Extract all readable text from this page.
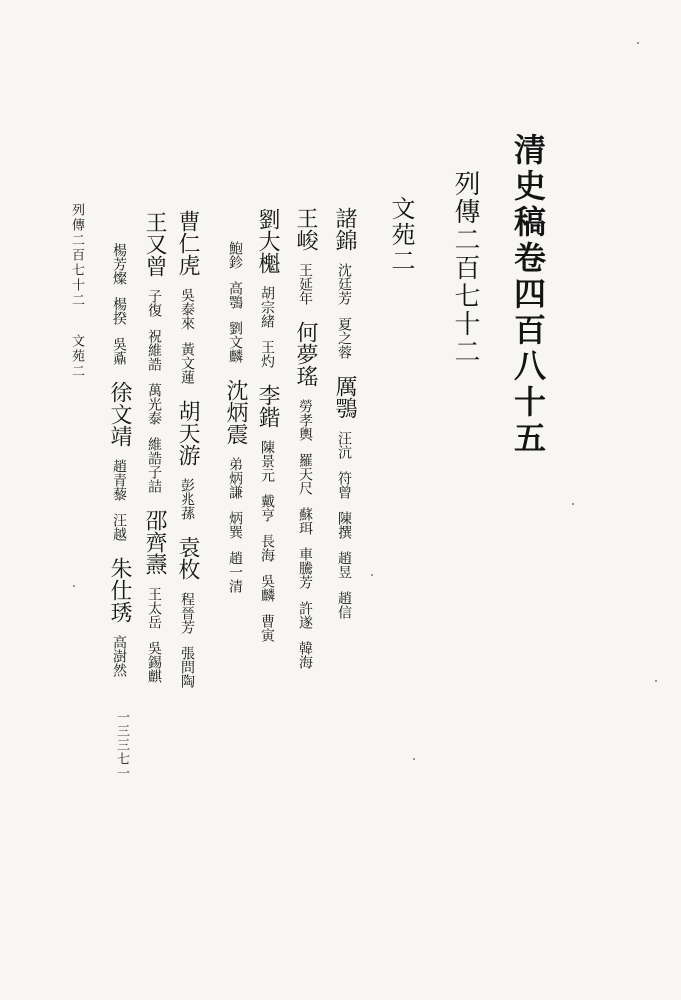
清史稿卷四百八十五
列傳二百七十二
文苑二
諸錦沈廷芳夏之蓉厲鶚汪沆符曾陳撰趙昱趙信
王峻王延年何夢瑤勞孝輿羅天尺蘇珥車騰芳許遂韓海
劉大櫆胡宗緒王灼李鍇陳景元戴亨長海吳麟曹寅
鮑鉁高鶚劉文麟沈炳震弟炳謙炳巽趙一清
曹仁虎吳泰來黃文蓮胡天游彭兆蓀袁枚程晉芳張問陶
王又曾子復祝維誥萬光泰維誥子詰邵齊燾王太岳吳錫麒
楊芳燦楊揆吳鼒徐文靖趙青藜汪越朱仕琇高澍然
列傳二百七十二文苑二
一三三七一
